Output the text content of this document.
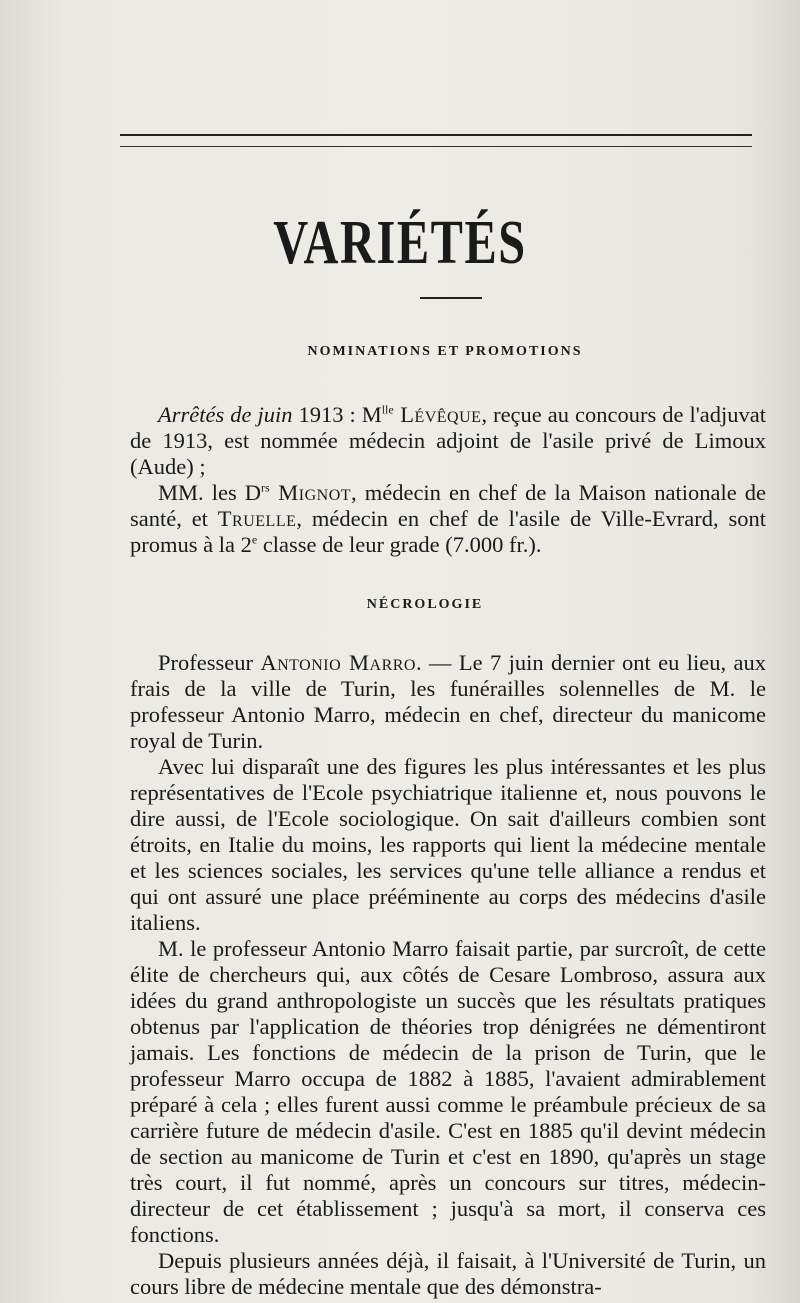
VARIÉTÉS
NOMINATIONS ET PROMOTIONS

Arrêtés de juin 1913 : $M^{lle}$ Lévêque, reçue au concours de l'adjuvat de 1913, est nommée médecin adjoint de l'asile privé de Limoux (Aude) ;

MM. les $D^{rs}$ Mignot, médecin en chef de la Maison nationale de santé, et Truelle, médecin en chef de l'asile de Ville-Evrard, sont promus à la 2e classe de leur grade (7.000 fr.).

NÉCROLOGIE

Professeur Antonio Marro. — Le 7 juin dernier ont eu lieu, aux frais de la ville de Turin, les funérailles solennelles de M. le professeur Antonio Marro, médecin en chef, directeur du manicome royal de Turin.

Avec lui disparaît une des figures les plus intéressantes et les plus représentatives de l'Ecole psychiatrique italienne et, nous pouvons le dire aussi, de l'Ecole sociologique. On sait d'ailleurs combien sont étroits, en Italie du moins, les rapports qui lient la médecine mentale et les sciences sociales, les services qu'une telle alliance a rendus et qui ont assuré une place prééminente au corps des médecins d'asile italiens.

M. le professeur Antonio Marro faisait partie, par surcroît, de cette élite de chercheurs qui, aux côtés de Cesare Lombroso, assura aux idées du grand anthropologiste un succès que les résultats pratiques obtenus par l'application de théories trop dénigrées ne démentiront jamais. Les fonctions de médecin de la prison de Turin, que le professeur Marro occupa de 1882 à 1885, l'avaient admirablement préparé à cela ; elles furent aussi comme le préambule précieux de sa carrière future de médecin d'asile. C'est en 1885 qu'il devint médecin de section au manicome de Turin et c'est en 1890, qu'après un stage très court, il fut nommé, après un concours sur titres, médecin-directeur de cet établissement ; jusqu'à sa mort, il conserva ces fonctions.

Depuis plusieurs années déjà, il faisait, à l'Université de Turin, un cours libre de médecine mentale que des démonstra-
